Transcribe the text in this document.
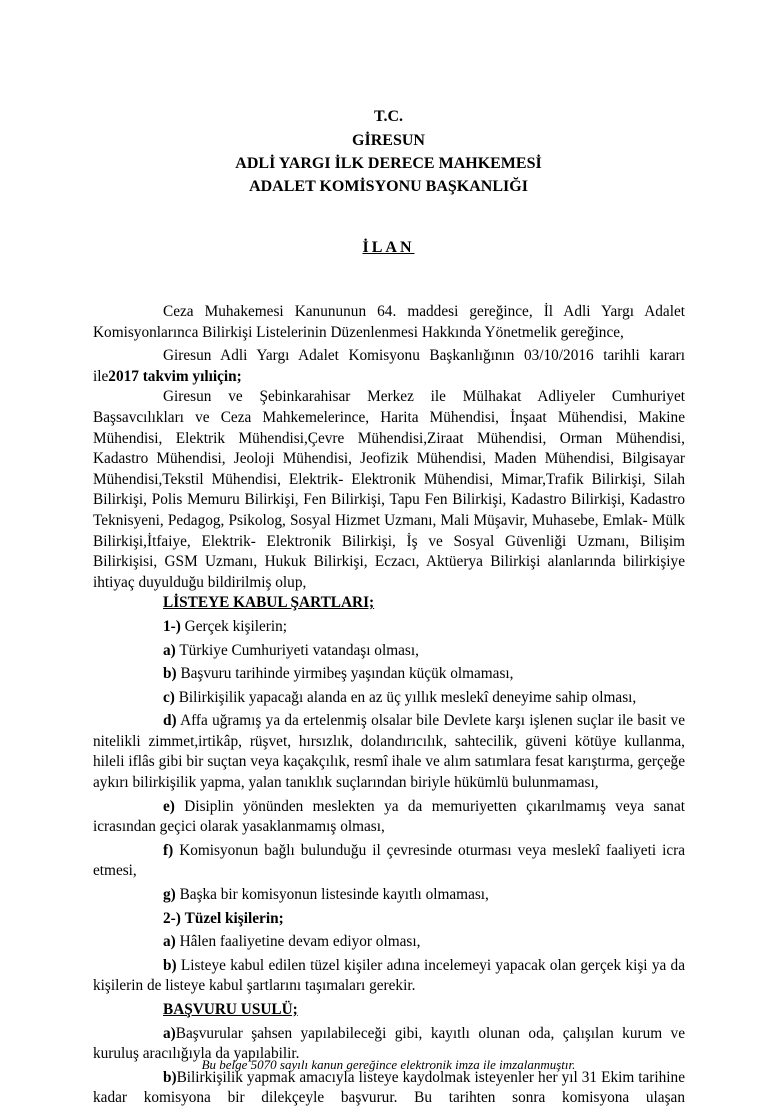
T.C.
GİRESUN
ADLİ YARGI İLK DERECE MAHKEMESİ
ADALET KOMİSYONU BAŞKANLIĞI
İLAN

Ceza Muhakemesi Kanununun 64. maddesi gereğince, İl Adli Yargı Adalet Komisyonlarınca Bilirkişi Listelerinin Düzenlenmesi Hakkında Yönetmelik gereğince,

Giresun Adli Yargı Adalet Komisyonu Başkanlığının 03/10/2016 tarihli kararı ile2017 takvim yılıiçin;

Giresun ve Şebinkarahisar Merkez ile Mülhakat Adliyeler Cumhuriyet Başsavcılıkları ve Ceza Mahkemelerince, Harita Mühendisi, İnşaat Mühendisi, Makine Mühendisi, Elektrik Mühendisi,Çevre Mühendisi,Ziraat Mühendisi, Orman Mühendisi, Kadastro Mühendisi, Jeoloji Mühendisi, Jeofizik Mühendisi, Maden Mühendisi, Bilgisayar Mühendisi,Tekstil Mühendisi, Elektrik- Elektronik Mühendisi, Mimar,Trafik Bilirkişi, Silah Bilirkişi, Polis Memuru Bilirkişi, Fen Bilirkişi, Tapu Fen Bilirkişi, Kadastro Bilirkişi, Kadastro Teknisyeni, Pedagog, Psikolog, Sosyal Hizmet Uzmanı, Mali Müşavir, Muhasebe, Emlak- Mülk Bilirkişi,İtfaiye, Elektrik- Elektronik Bilirkişi, İş ve Sosyal Güvenliği Uzmanı, Bilişim Bilirkişisi, GSM Uzmanı, Hukuk Bilirkişi, Eczacı, Aktüerya Bilirkişi alanlarında bilirkişiye ihtiyaç duyulduğu bildirilmiş olup,

LİSTEYE KABUL ŞARTLARI;

1-) Gerçek kişilerin;

a) Türkiye Cumhuriyeti vatandaşı olması,

b) Başvuru tarihinde yirmibeş yaşından küçük olmaması,

c) Bilirkişilik yapacağı alanda en az üç yıllık meslekî deneyime sahip olması,

d) Affa uğramış ya da ertelenmiş olsalar bile Devlete karşı işlenen suçlar ile basit ve nitelikli zimmet,irtikâp, rüşvet, hırsızlık, dolandırıcılık, sahtecilik, güveni kötüye kullanma, hileli iflâs gibi bir suçtan veya kaçakçılık, resmî ihale ve alım satımlara fesat karıştırma, gerçeğe aykırı bilirkişilik yapma, yalan tanıklık suçlarından biriyle hükümlü bulunmaması,

e) Disiplin yönünden meslekten ya da memuriyetten çıkarılmamış veya sanat icrasından geçici olarak yasaklanmamış olması,

f) Komisyonun bağlı bulunduğu il çevresinde oturması veya meslekî faaliyeti icra etmesi,

g) Başka bir komisyonun listesinde kayıtlı olmaması,

2-) Tüzel kişilerin;

a) Hâlen faaliyetine devam ediyor olması,

b) Listeye kabul edilen tüzel kişiler adına incelemeyi yapacak olan gerçek kişi ya da kişilerin de listeye kabul şartlarını taşımaları gerekir.

BAŞVURU USULÜ;

a)Başvurular şahsen yapılabileceği gibi, kayıtlı olunan oda, çalışılan kurum ve kuruluş aracılığıyla da yapılabilir.

b)Bilirkişilik yapmak amacıyla listeye kaydolmak isteyenler her yıl 31 Ekim tarihine kadar komisyona bir dilekçeyle başvurur. Bu tarihten sonra komisyona ulaşan

Bu belge 5070 sayılı kanun gereğince elektronik imza ile imzalanmuştır.
